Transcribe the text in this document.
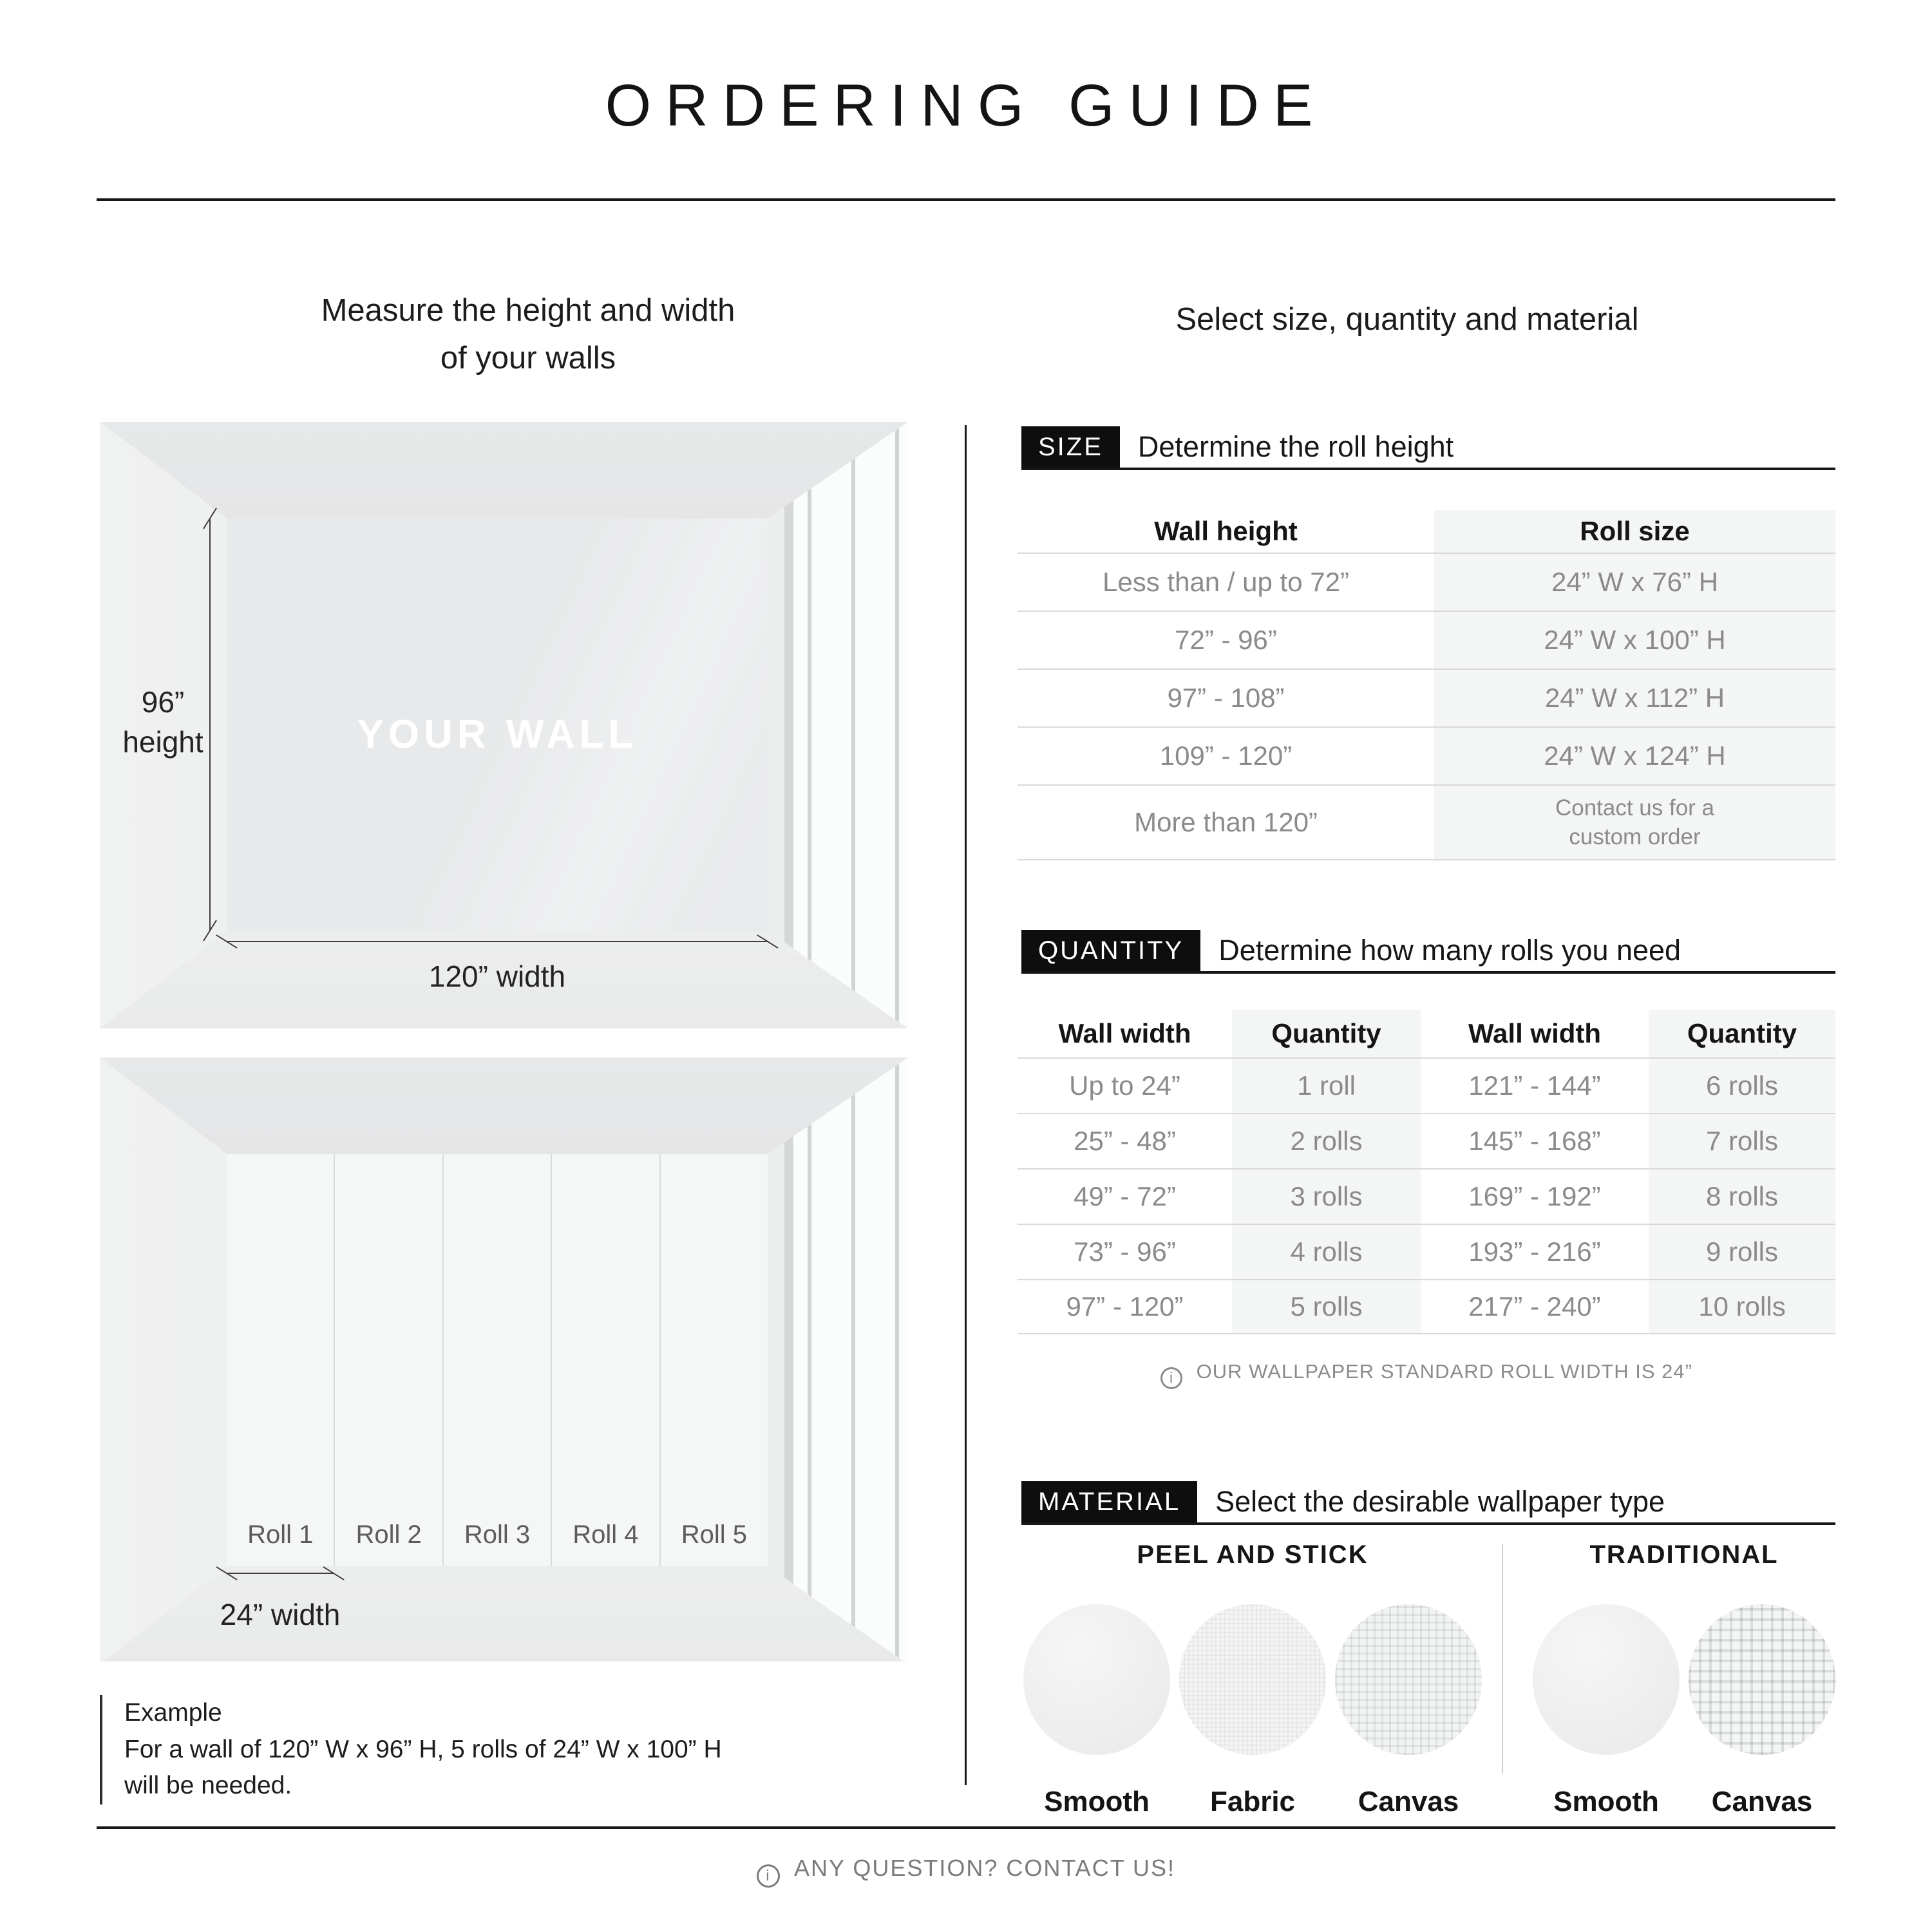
ORDERING GUIDE
Measure the height and width
of your walls
YOUR WALL
96”
height
120” width
Roll 1	Roll 2	Roll 3	Roll 4	Roll 5
24” width
Example
For a wall of 120” W x 96” H, 5 rolls of 24” W x 100” H
will be needed.
Select size, quantity and material
SIZE	Determine the roll height
Wall height	Roll size
Less than / up to 72”	24” W x 76” H
72” - 96”	24” W x 100” H
97” - 108”	24” W x 112” H
109” - 120”	24” W x 124” H
More than 120”	Contact us for a
custom order
QUANTITY	Determine how many rolls you need
Wall width	Quantity	Wall width	Quantity
Up to 24”	1 roll	121” - 144”	6 rolls
25” - 48”	2 rolls	145” - 168”	7 rolls
49” - 72”	3 rolls	169” - 192”	8 rolls
73” - 96”	4 rolls	193” - 216”	9 rolls
97” - 120”	5 rolls	217” - 240”	10 rolls
i OUR WALLPAPER STANDARD ROLL WIDTH IS 24”
MATERIAL	Select the desirable wallpaper type
PEEL AND STICK
Smooth Fabric Canvas
TRADITIONAL
Smooth Canvas
i ANY QUESTION? CONTACT US!
